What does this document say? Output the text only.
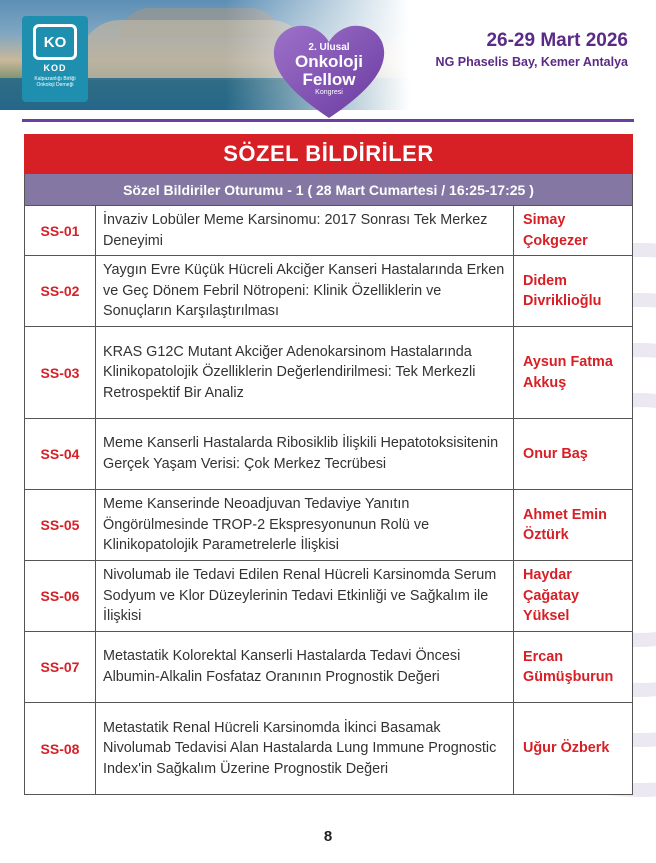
KO
KOD
Kalpazanlığı Birliği
Onkoloji Derneği
2. Ulusal
Onkoloji
Fellow
Kongresi
26-29 Mart 2026
NG Phaselis Bay, Kemer Antalya
SÖZEL BİLDİRİLER
Sözel Bildiriler Oturumu - 1 ( 28 Mart Cumartesi / 16:25-17:25 )
SS-01	İnvaziv Lobüler Meme Karsinomu: 2017 Sonrası Tek Merkez Deneyimi	Simay Çokgezer
SS-02	Yaygın Evre Küçük Hücreli Akciğer Kanseri Hastalarında Erken ve Geç Dönem Febril Nötropeni: Klinik Özelliklerin ve Sonuçların Karşılaştırılması	Didem Divriklioğlu
SS-03	KRAS G12C Mutant Akciğer Adenokarsinom Hastalarında Klinikopatolojik Özelliklerin Değerlendirilmesi: Tek Merkezli Retrospektif Bir Analiz	Aysun Fatma Akkuş
SS-04	Meme Kanserli Hastalarda Ribosiklib İlişkili Hepatotoksisitenin Gerçek Yaşam Verisi: Çok Merkez Tecrübesi	Onur Baş
SS-05	Meme Kanserinde Neoadjuvan Tedaviye Yanıtın Öngörülmesinde TROP-2 Ekspresyonunun Rolü ve Klinikopatolojik Parametrelerle İlişkisi	Ahmet Emin Öztürk
SS-06	Nivolumab ile Tedavi Edilen Renal Hücreli Karsinomda Serum Sodyum ve Klor Düzeylerinin Tedavi Etkinliği ve Sağkalım ile İlişkisi	Haydar Çağatay Yüksel
SS-07	Metastatik Kolorektal Kanserli Hastalarda Tedavi Öncesi Albumin-Alkalin Fosfataz Oranının Prognostik Değeri	Ercan Gümüşburun
SS-08	Metastatik Renal Hücreli Karsinomda İkinci Basamak Nivolumab Tedavisi Alan Hastalarda Lung Immune Prognostic Index'in Sağkalım Üzerine Prognostik Değeri	Uğur Özberk
8
